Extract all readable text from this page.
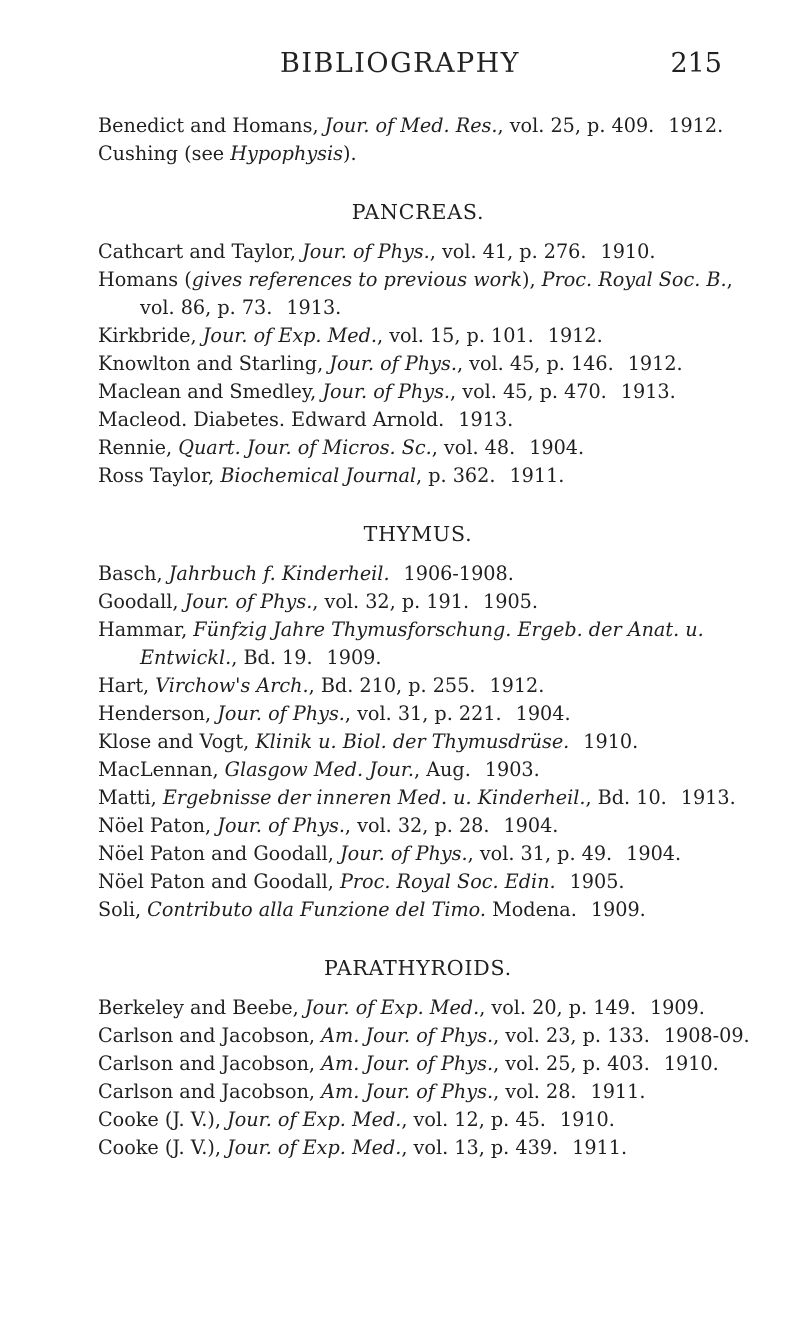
BIBLIOGRAPHY	215
Benedict and Homans, Jour. of Med. Res., vol. 25, p. 409. 1912.
Cushing (see Hypophysis).
PANCREAS.
Cathcart and Taylor, Jour. of Phys., vol. 41, p. 276. 1910.
Homans (gives references to previous work), Proc. Royal Soc. B.,
vol. 86, p. 73. 1913.
Kirkbride, Jour. of Exp. Med., vol. 15, p. 101. 1912.
Knowlton and Starling, Jour. of Phys., vol. 45, p. 146. 1912.
Maclean and Smedley, Jour. of Phys., vol. 45, p. 470. 1913.
Macleod. Diabetes. Edward Arnold. 1913.
Rennie, Quart. Jour. of Micros. Sc., vol. 48. 1904.
Ross Taylor, Biochemical Journal, p. 362. 1911.
THYMUS.
Basch, Jahrbuch f. Kinderheil. 1906-1908.
Goodall, Jour. of Phys., vol. 32, p. 191. 1905.
Hammar, Fünfzig Jahre Thymusforschung. Ergeb. der Anat. u.
Entwickl., Bd. 19. 1909.
Hart, Virchow's Arch., Bd. 210, p. 255. 1912.
Henderson, Jour. of Phys., vol. 31, p. 221. 1904.
Klose and Vogt, Klinik u. Biol. der Thymusdrüse. 1910.
MacLennan, Glasgow Med. Jour., Aug. 1903.
Matti, Ergebnisse der inneren Med. u. Kinderheil., Bd. 10. 1913.
Nöel Paton, Jour. of Phys., vol. 32, p. 28. 1904.
Nöel Paton and Goodall, Jour. of Phys., vol. 31, p. 49. 1904.
Nöel Paton and Goodall, Proc. Royal Soc. Edin. 1905.
Soli, Contributo alla Funzione del Timo. Modena. 1909.
PARATHYROIDS.
Berkeley and Beebe, Jour. of Exp. Med., vol. 20, p. 149. 1909.
Carlson and Jacobson, Am. Jour. of Phys., vol. 23, p. 133. 1908-09.
Carlson and Jacobson, Am. Jour. of Phys., vol. 25, p. 403. 1910.
Carlson and Jacobson, Am. Jour. of Phys., vol. 28. 1911.
Cooke (J. V.), Jour. of Exp. Med., vol. 12, p. 45. 1910.
Cooke (J. V.), Jour. of Exp. Med., vol. 13, p. 439. 1911.
